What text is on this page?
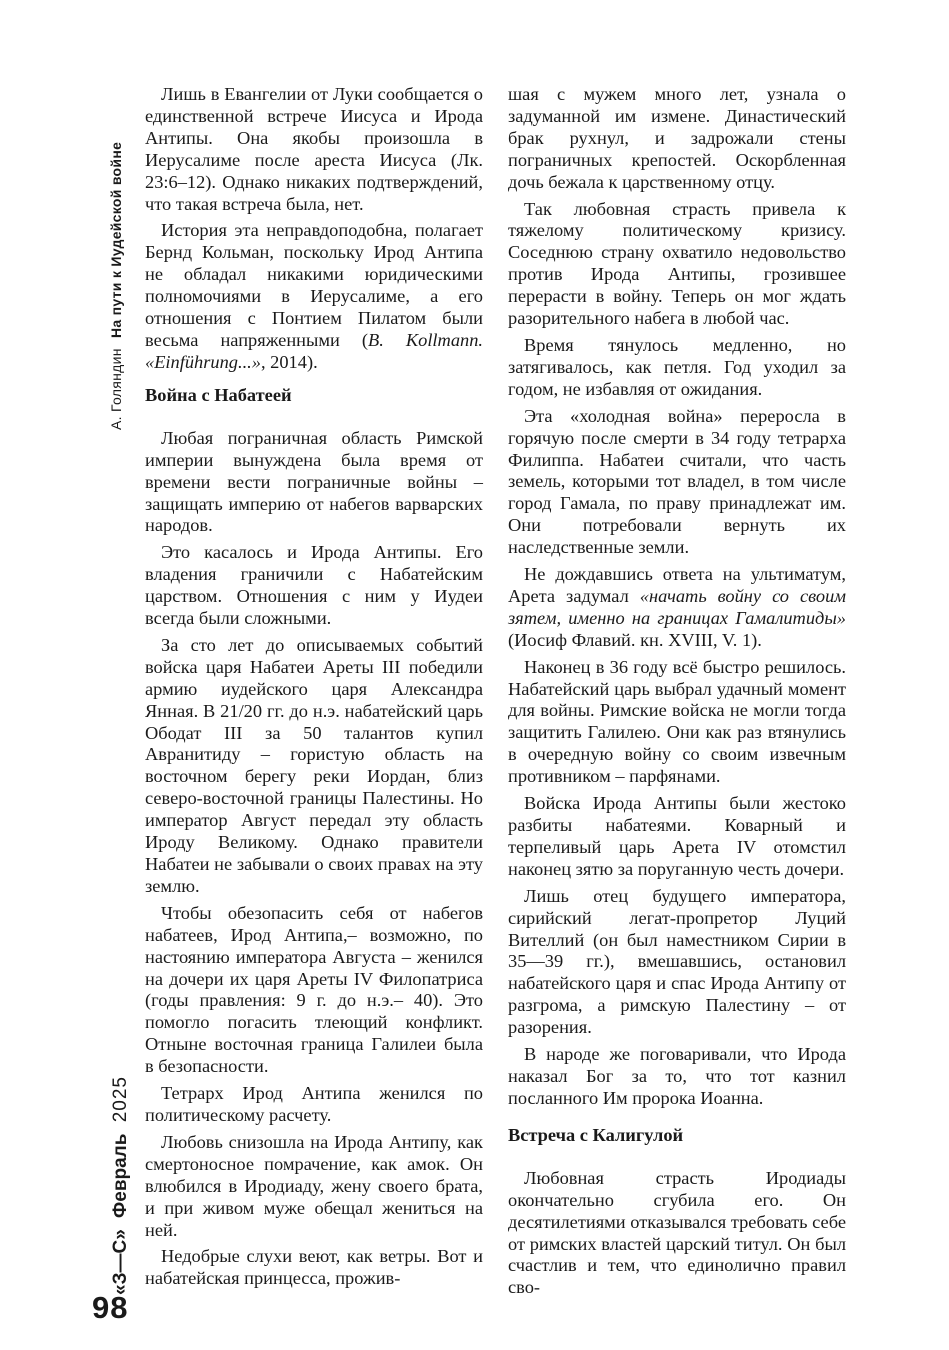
А. Голяндин На пути к Иудейской войне
«З—С» Февраль 2025
98

Лишь в Евангелии от Луки сообщается о единственной встрече Иисуса и Ирода Антипы. Она якобы произошла в Иерусалиме после ареста Иисуса (Лк. 23:6–12). Однако никаких подтверждений, что такая встреча была, нет.

История эта неправдоподобна, полагает Бернд Кольман, поскольку Ирод Антипа не обладал никакими юридическими полномочиями в Иерусалиме, а его отношения с Понтием Пилатом были весьма напряженными (B. Kollmann. «Einführung...», 2014).

Война с Набатеей

Любая пограничная область Римской империи вынуждена была время от времени вести пограничные войны – защищать империю от набегов варварских народов.

Это касалось и Ирода Антипы. Его владения граничили с Набатейским царством. Отношения с ним у Иудеи всегда были сложными.

За сто лет до описываемых событий войска царя Набатеи Ареты III победили армию иудейского царя Александра Янная. В 21/20 гг. до н.э. набатейский царь Ободат III за 50 талантов купил Авранитиду – гористую область на восточном берегу реки Иордан, близ северо-восточной границы Палестины. Но император Август передал эту область Ироду Великому. Однако правители Набатеи не забывали о своих правах на эту землю.

Чтобы обезопасить себя от набегов набатеев, Ирод Антипа,– возможно, по настоянию императора Августа – женился на дочери их царя Ареты IV Филопатриса (годы правления: 9 г. до н.э.– 40). Это помогло погасить тлеющий конфликт. Отныне восточная граница Галилеи была в безопасности.

Тетрарх Ирод Антипа женился по политическому расчету.

Любовь снизошла на Ирода Антипу, как смертоносное помрачение, как амок. Он влюбился в Иродиаду, жену своего брата, и при живом муже обещал жениться на ней.

Недобрые слухи веют, как ветры. Вот и набатейская принцесса, прожив-

шая с мужем много лет, узнала о задуманной им измене. Династический брак рухнул, и задрожали стены пограничных крепостей. Оскорбленная дочь бежала к царственному отцу.

Так любовная страсть привела к тяжелому политическому кризису. Соседнюю страну охватило недовольство против Ирода Антипы, грозившее перерасти в войну. Теперь он мог ждать разорительного набега в любой час.

Время тянулось медленно, но затягивалось, как петля. Год уходил за годом, не избавляя от ожидания.

Эта «холодная война» переросла в горячую после смерти в 34 году тетрарха Филиппа. Набатеи считали, что часть земель, которыми тот владел, в том числе город Гамала, по праву принадлежат им. Они потребовали вернуть их наследственные земли.

Не дождавшись ответа на ультиматум, Арета задумал «начать войну со своим зятем, именно на границах Гамалитиды» (Иосиф Флавий. кн. XVIII, V. 1).

Наконец в 36 году всё быстро решилось. Набатейский царь выбрал удачный момент для войны. Римские войска не могли тогда защитить Галилею. Они как раз втянулись в очередную войну со своим извечным противником – парфянами.

Войска Ирода Антипы были жестоко разбиты набатеями. Коварный и терпеливый царь Арета IV отомстил наконец зятю за поруганную честь дочери.

Лишь отец будущего императора, сирийский легат-пропретор Луций Вителлий (он был наместником Сирии в 35—39 гг.), вмешавшись, остановил набатейского царя и спас Ирода Антипу от разгрома, а римскую Палестину – от разорения.

В народе же поговаривали, что Ирода наказал Бог за то, что тот казнил посланного Им пророка Иоанна.

Встреча с Калигулой

Любовная страсть Иродиады окончательно сгубила его. Он десятилетиями отказывался требовать себе от римских властей царский титул. Он был счастлив и тем, что единолично правил сво-
